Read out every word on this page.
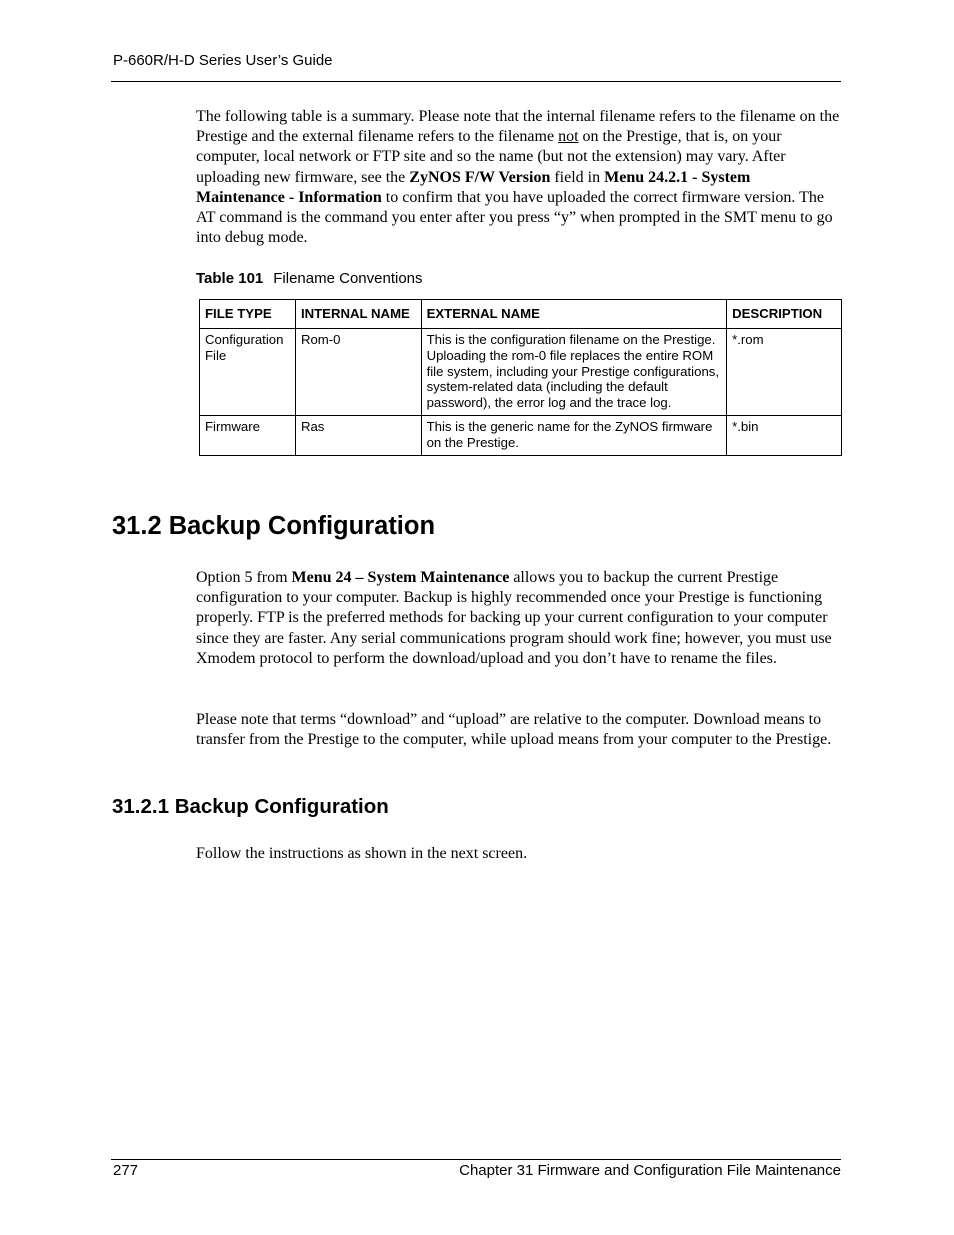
P-660R/H-D Series User’s Guide

The following table is a summary. Please note that the internal filename refers to the filename on the Prestige and the external filename refers to the filename not on the Prestige, that is, on your computer, local network or FTP site and so the name (but not the extension) may vary. After uploading new firmware, see the ZyNOS F/W Version field in Menu 24.2.1 - System Maintenance - Information to confirm that you have uploaded the correct firmware version. The AT command is the command you enter after you press “y” when prompted in the SMT menu to go into debug mode.

Table 101 Filename Conventions
FILE TYPE	INTERNAL NAME	EXTERNAL NAME	DESCRIPTION
Configuration File	Rom-0	This is the configuration filename on the Prestige. Uploading the rom-0 file replaces the entire ROM file system, including your Prestige configurations, system-related data (including the default password), the error log and the trace log.	*.rom
Firmware	Ras	This is the generic name for the ZyNOS firmware on the Prestige.	*.bin
31.2 Backup Configuration

Option 5 from Menu 24 – System Maintenance allows you to backup the current Prestige configuration to your computer. Backup is highly recommended once your Prestige is functioning properly. FTP is the preferred methods for backing up your current configuration to your computer since they are faster. Any serial communications program should work fine; however, you must use Xmodem protocol to perform the download/upload and you don’t have to rename the files.

Please note that terms “download” and “upload” are relative to the computer. Download means to transfer from the Prestige to the computer, while upload means from your computer to the Prestige.

31.2.1 Backup Configuration

Follow the instructions as shown in the next screen.

277	Chapter 31 Firmware and Configuration File Maintenance
